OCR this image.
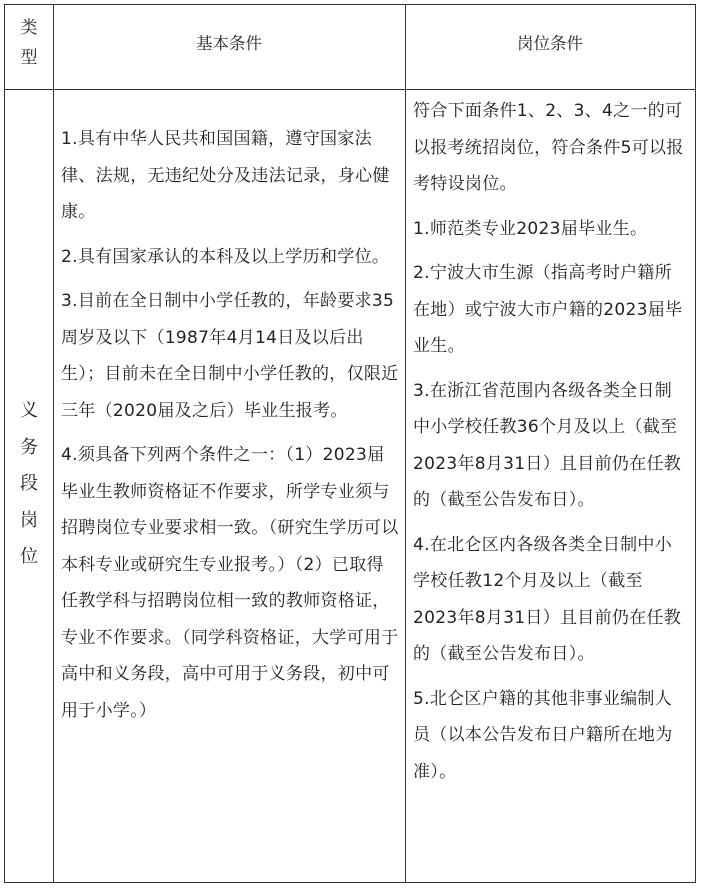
类
型
基本条件	岗位条件
义
务
段
岗
位

1.具有中华人民共和国国籍，遵守国家法律、法规，无违纪处分及违法记录，身心健康。

2.具有国家承认的本科及以上学历和学位。

3.目前在全日制中小学任教的，年龄要求35周岁及以下（1987年4月14日及以后出生）；目前未在全日制中小学任教的，仅限近三年（2020届及之后）毕业生报考。

4.须具备下列两个条件之一：（1）2023届毕业生教师资格证不作要求，所学专业须与招聘岗位专业要求相一致。（研究生学历可以本科专业或研究生专业报考。）（2）已取得任教学科与招聘岗位相一致的教师资格证，专业不作要求。（同学科资格证，大学可用于高中和义务段，高中可用于义务段，初中可用于小学。）

符合下面条件1、2、3、4之一的可以报考统招岗位，符合条件5可以报考特设岗位。

1.师范类专业2023届毕业生。

2.宁波大市生源（指高考时户籍所在地）或宁波大市户籍的2023届毕业生。

3.在浙江省范围内各级各类全日制中小学校任教36个月及以上（截至2023年8月31日）且目前仍在任教的（截至公告发布日）。

4.在北仑区内各级各类全日制中小学校任教12个月及以上（截至2023年8月31日）且目前仍在任教的（截至公告发布日）。

5.北仑区户籍的其他非事业编制人员（以本公告发布日户籍所在地为准）。
